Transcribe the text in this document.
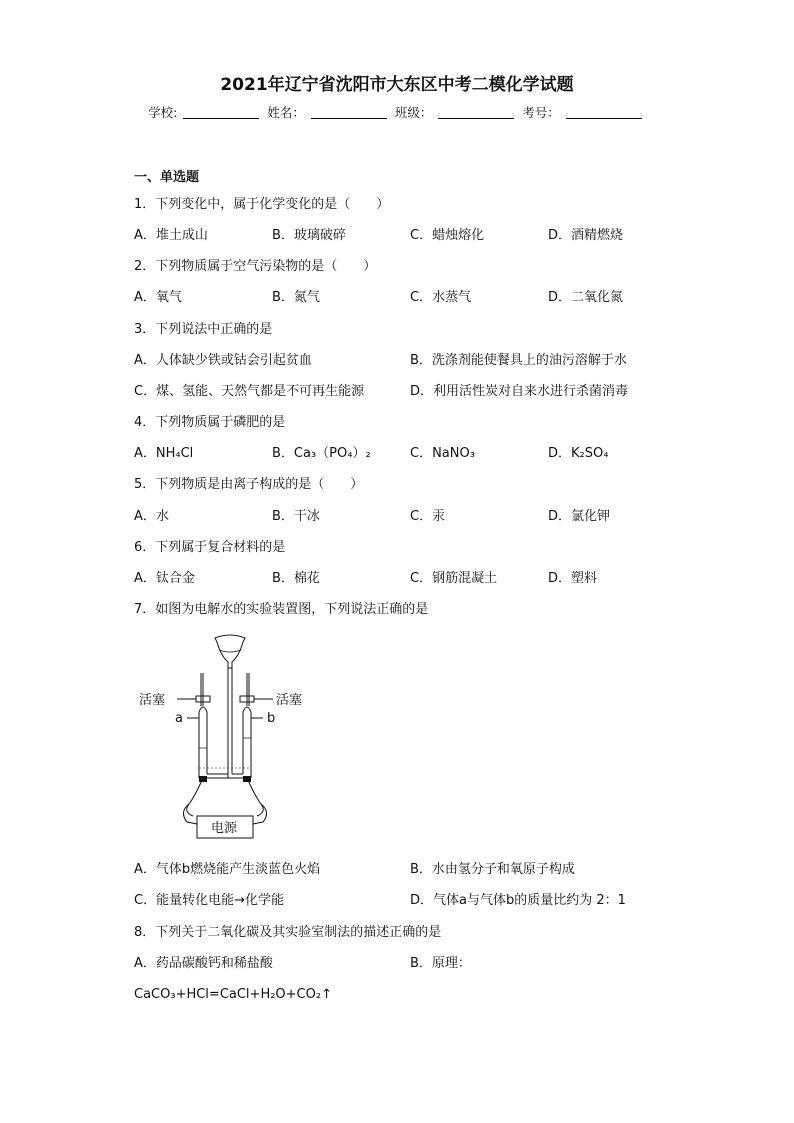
2021年辽宁省沈阳市大东区中考二模化学试题
学校:	姓名：	班级：	考号：
一、单选题
1．下列变化中，属于化学变化的是（　　）
A．堆土成山	B．玻璃破碎	C．蜡烛熔化	D．酒精燃烧
2．下列物质属于空气污染物的是（　　）
A．氧气	B．氮气	C．水蒸气	D．二氧化氮
3．下列说法中正确的是
A．人体缺少铁或钴会引起贫血	B．洗涤剂能使餐具上的油污溶解于水
C．煤、氢能、天然气都是不可再生能源	D．利用活性炭对自来水进行杀菌消毒
4．下列物质属于磷肥的是
A．NH₄Cl	B．Ca₃（PO₄）₂	C．NaNO₃	D．K₂SO₄
5．下列物质是由离子构成的是（　　）
A．水	B．干冰	C．汞	D．氯化钾
6．下列属于复合材料的是
A．钛合金	B．棉花	C．钢筋混凝土	D．塑料
7．如图为电解水的实验装置图，下列说法正确的是
活塞	活塞
a	b
电源
A．气体b燃烧能产生淡蓝色火焰	B．水由氢分子和氧原子构成
C．能量转化电能→化学能	D．气体a与气体b的质量比约为 2：1
8．下列关于二氧化碳及其实验室制法的描述正确的是
A．药品碳酸钙和稀盐酸	B．原理：
CaCO₃+HCl=CaCl+H₂O+CO₂↑
